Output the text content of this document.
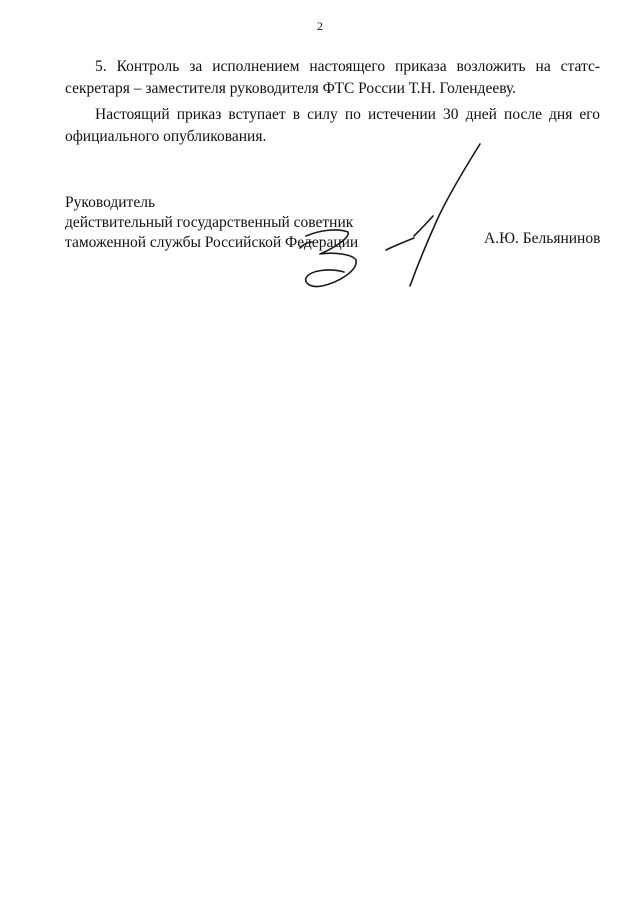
2
5. Контроль за исполнением настоящего приказа возложить на статс-секретаря – заместителя руководителя ФТС России Т.Н. Голендееву.
Настоящий приказ вступает в силу по истечении 30 дней после дня его официального опубликования.
Руководитель
действительный государственный советник
таможенной службы Российской Федерации	А.Ю. Бельянинов
